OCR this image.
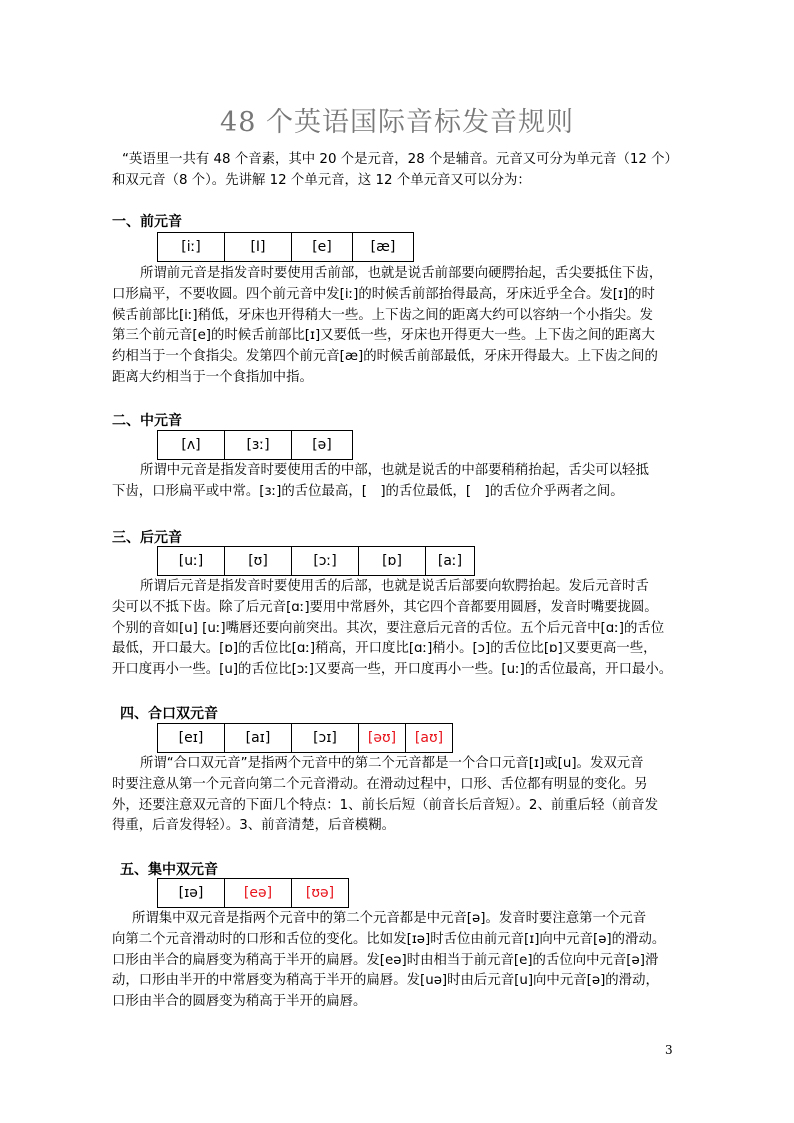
48 个英语国际音标发音规则

“英语里一共有 48 个音素，其中 20 个是元音，28 个是辅音。元音又可分为单元音（12 个）

和双元音（8 个）。先讲解 12 个单元音，这 12 个单元音又可以分为：

一、前元音
[iː]	[I]	[e]	[æ]

所谓前元音是指发音时要使用舌前部，也就是说舌前部要向硬腭抬起，舌尖要抵住下齿，

口形扁平，不要收圆。四个前元音中发[iː]的时候舌前部抬得最高，牙床近乎全合。发[ɪ]的时

候舌前部比[iː]稍低，牙床也开得稍大一些。上下齿之间的距离大约可以容纳一个小指尖。发

第三个前元音[e]的时候舌前部比[ɪ]又要低一些，牙床也开得更大一些。上下齿之间的距离大

约相当于一个食指尖。发第四个前元音[æ]的时候舌前部最低，牙床开得最大。上下齿之间的

距离大约相当于一个食指加中指。

二、中元音
[ʌ]	[ɜː]	[ə]

所谓中元音是指发音时要使用舌的中部，也就是说舌的中部要稍稍抬起，舌尖可以轻抵

下齿，口形扁平或中常。[ɜː]的舌位最高，[　]的舌位最低，[　]的舌位介乎两者之间。

三、后元音
[uː]	[ʊ]	[ɔː]	[ɒ]	[aː]

所谓后元音是指发音时要使用舌的后部，也就是说舌后部要向软腭抬起。发后元音时舌

尖可以不抵下齿。除了后元音[ɑː]要用中常唇外，其它四个音都要用圆唇，发音时嘴要拢圆。

个别的音如[u] [uː]嘴唇还要向前突出。其次，要注意后元音的舌位。五个后元音中[ɑː]的舌位

最低，开口最大。[ɒ]的舌位比[ɑː]稍高，开口度比[ɑː]稍小。[ɔ]的舌位比[ɒ]又要更高一些，

开口度再小一些。[u]的舌位比[ɔː]又要高一些，开口度再小一些。[uː]的舌位最高，开口最小。

四、合口双元音
[eɪ]	[aɪ]	[ɔɪ]	[əʊ]	[aʊ]

所谓“合口双元音”是指两个元音中的第二个元音都是一个合口元音[ɪ]或[u]。发双元音

时要注意从第一个元音向第二个元音滑动。在滑动过程中，口形、舌位都有明显的变化。另

外，还要注意双元音的下面几个特点：1、前长后短（前音长后音短）。2、前重后轻（前音发

得重，后音发得轻）。3、前音清楚，后音模糊。

五、集中双元音
[ɪə]	[eə]	[ʊə]

所谓集中双元音是指两个元音中的第二个元音都是中元音[ə]。发音时要注意第一个元音

向第二个元音滑动时的口形和舌位的变化。比如发[ɪə]时舌位由前元音[ɪ]向中元音[ə]的滑动。

口形由半合的扁唇变为稍高于半开的扁唇。发[eə]时由相当于前元音[e]的舌位向中元音[ə]滑

动，口形由半开的中常唇变为稍高于半开的扁唇。发[uə]时由后元音[u]向中元音[ə]的滑动，

口形由半合的圆唇变为稍高于半开的扁唇。

3
